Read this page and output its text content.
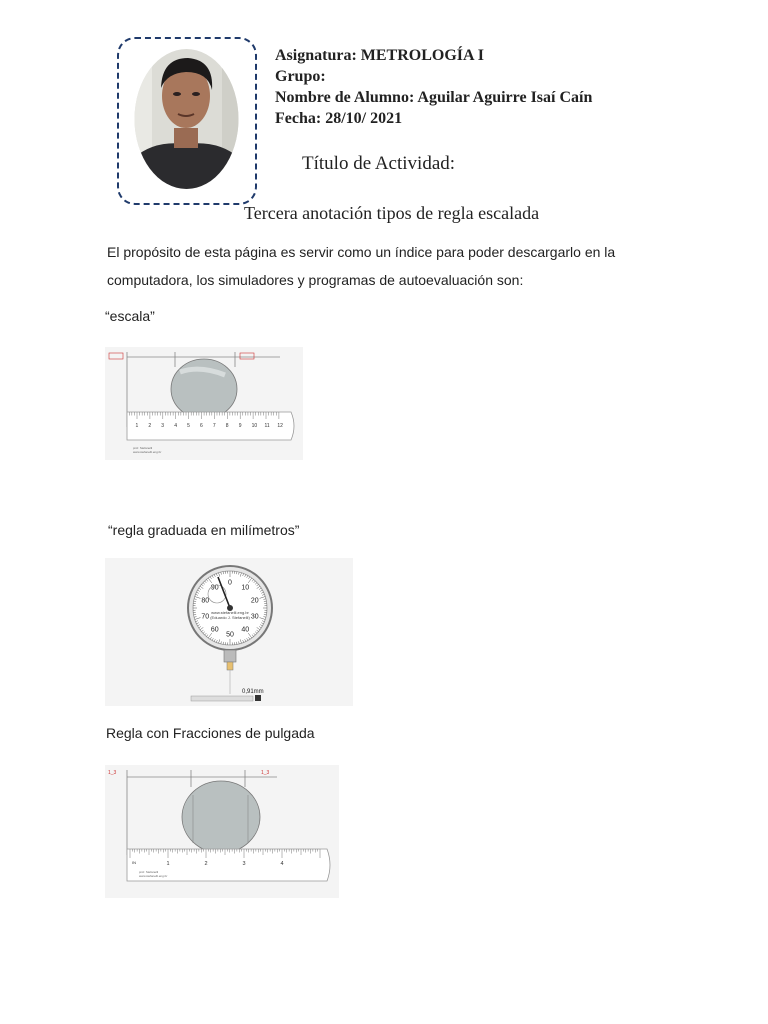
Asignatura: METROLOGÍA I
Grupo:
Nombre de Alumno: Aguilar Aguirre Isaí Caín
Fecha: 28/10/ 2021
Título de Actividad:
Tercera anotación tipos de regla escalada
El propósito de esta página es servir como un índice para poder descargarlo en la
computadora, los simuladores y programas de autoevaluación son:
“escala”
1 2 3 4 5 6 7 8 9 10 11 12
prof. Stefanelli
www.stefanelli.eng.br
“regla graduada en milímetros”
0
10
20
30
40
50
60
70
80
90
www.stefanelli.eng.br
(Eduardo J. Stefanelli)
0,91mm
Regla con Fracciones de pulgada
1_3	1_3
1	2	3	4
IN
prof. Stefanelli
www.stefanelli.eng.br
